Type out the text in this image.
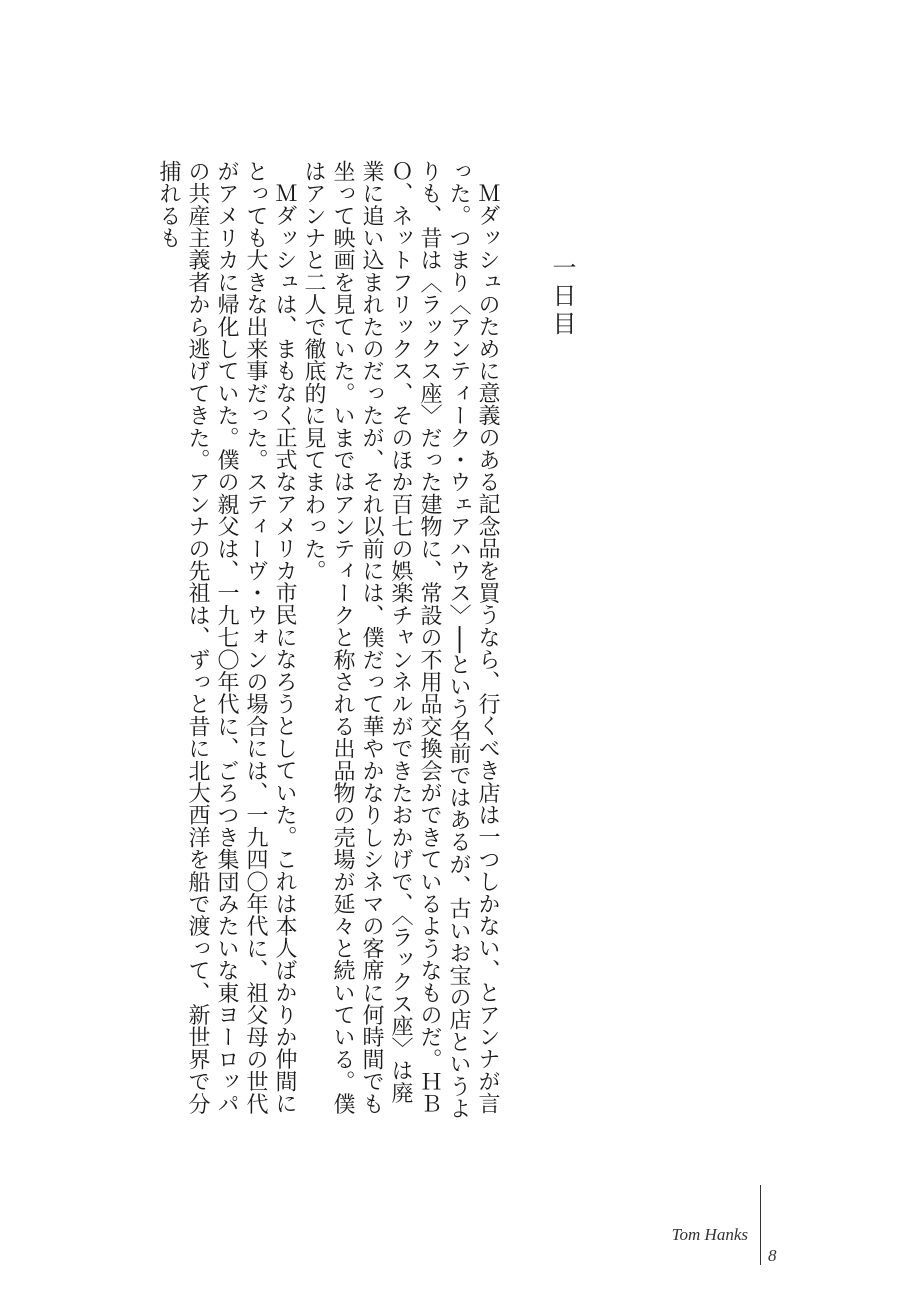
一日目

Ｍダッシュのために意義のある記念品を買うなら、行くべき店は一つしかない、とアンナが言った。つまり〈アンティーク・ウェアハウス〉──という名前ではあるが、古いお宝の店というよりも、昔は〈ラックス座〉だった建物に、常設の不用品交換会ができているようなものだ。ＨＢＯ、ネットフリックス、そのほか百七の娯楽チャンネルができたおかげで、〈ラックス座〉は廃業に追い込まれたのだったが、それ以前には、僕だって華やかなりしシネマの客席に何時間でも坐って映画を見ていた。いまではアンティークと称される出品物の売場が延々と続いている。僕はアンナと二人で徹底的に見てまわった。

Ｍダッシュは、まもなく正式なアメリカ市民になろうとしていた。これは本人ばかりか仲間にとっても大きな出来事だった。スティーヴ・ウォンの場合には、一九四〇年代に、祖父母の世代がアメリカに帰化していた。僕の親父は、一九七〇年代に、ごろつき集団みたいな東ヨーロッパの共産主義者から逃げてきた。アンナの先祖は、ずっと昔に北大西洋を船で渡って、新世界で分捕れるも

Tom Hanks
8
